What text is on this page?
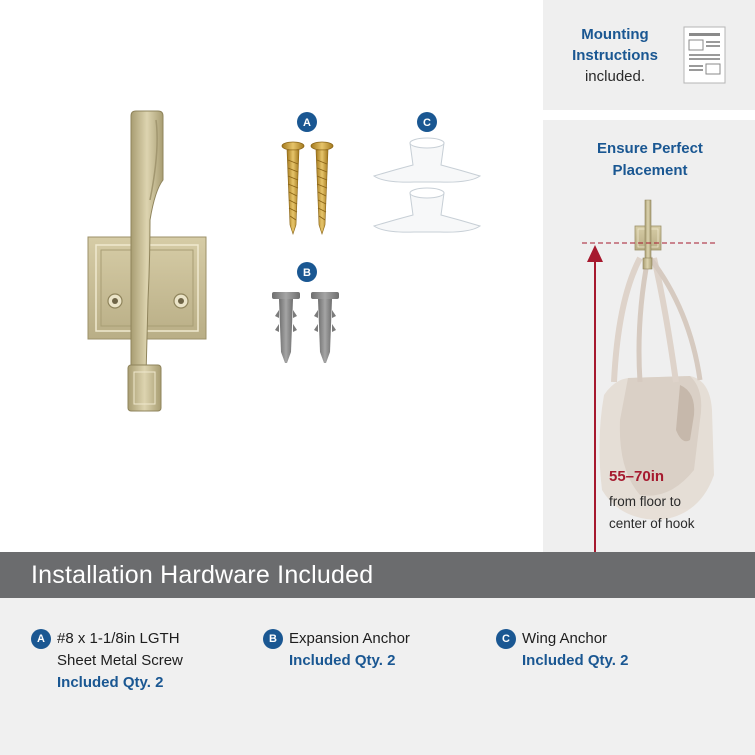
A
B
C
Mounting
Instructions
included.
Ensure Perfect
Placement
55–70in
from floor to
center of hook
Installation Hardware Included
A #8 x 1-1/8in LGTH
Sheet Metal Screw
Included Qty. 2
B Expansion Anchor
Included Qty. 2
C Wing Anchor
Included Qty. 2
